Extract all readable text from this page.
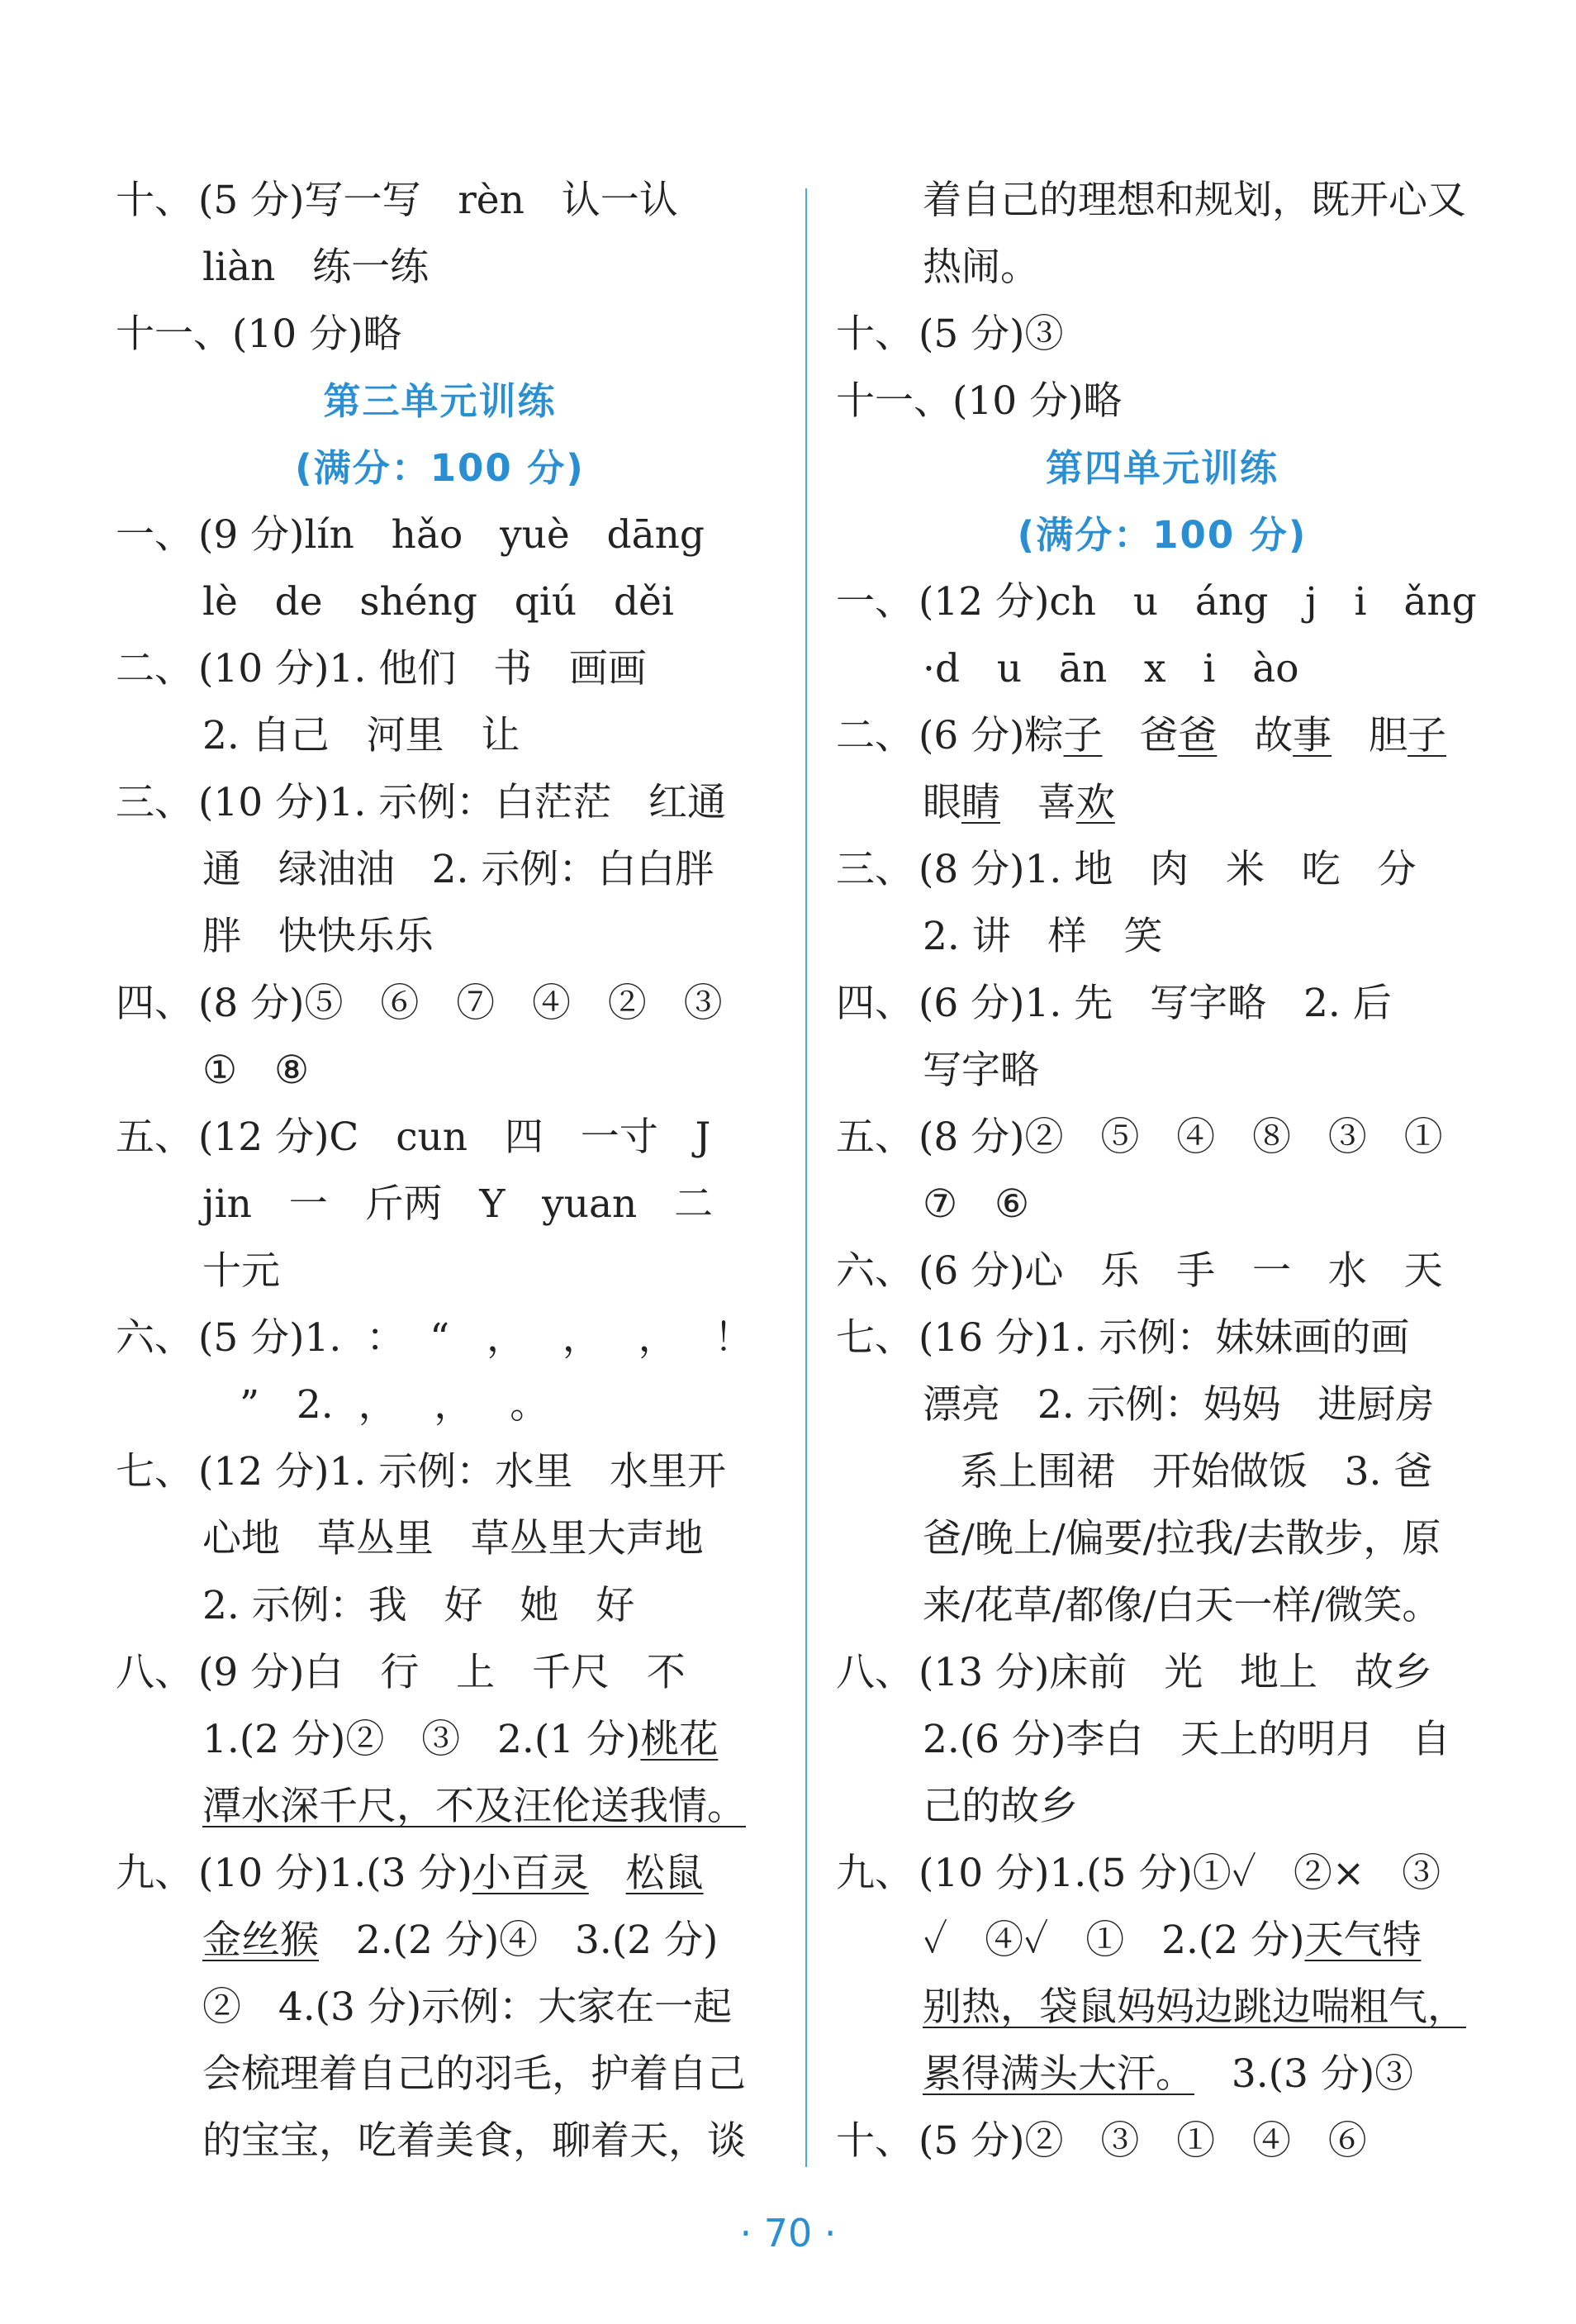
十、 (5 分)写一写   rèn   认一认
liàn   练一练
十一、(10 分)略
第三单元训练
(满分：100 分)
一、 (9 分)lín   hǎo   yuè   dāng
lè   de   shéng   qiú   děi
二、 (10 分)1. 他们   书   画画
2. 自己   河里   让
三、 (10 分)1. 示例：白茫茫   红通
通   绿油油   2. 示例：白白胖
胖   快快乐乐
四、 (8 分)⑤   ⑥   ⑦   ④   ②   ③
①   ⑧
五、 (12 分)C   cun   四   一寸   J
jin   一   斤两   Y   yuan   二
十元
六、 (5 分)1.  ：  “   ，   ，   ，   ！
”   2.  ，   ，   。
七、 (12 分)1. 示例：水里   水里开
心地   草丛里   草丛里大声地
2. 示例：我   好   她   好
八、 (9 分)白   行   上   千尺   不
1.(2 分)②   ③   2.(1 分)桃花
潭水深千尺，不及汪伦送我情。
九、 (10 分)1.(3 分)小百灵 松鼠
金丝猴   2.(2 分)④   3.(2 分)
②   4.(3 分)示例：大家在一起
会梳理着自己的羽毛，护着自己
的宝宝，吃着美食，聊着天，谈
着自己的理想和规划，既开心又
热闹。
十、 (5 分)③
十一、(10 分)略
第四单元训练
(满分：100 分)
一、 (12 分)ch   u   áng   j   i   ǎng
·d   u   ān   x   i   ào
二、 (6 分)粽子   爸爸   故事   胆子
眼睛   喜欢
三、 (8 分)1. 地   肉   米   吃   分
2. 讲   样   笑
四、 (6 分)1. 先   写字略   2. 后
写字略
五、 (8 分)②   ⑤   ④   ⑧   ③   ①
⑦   ⑥
六、 (6 分)心   乐   手   一   水   天
七、 (16 分)1. 示例：妹妹画的画
漂亮   2. 示例：妈妈   进厨房
系上围裙   开始做饭   3. 爸
爸/晚上/偏要/拉我/去散步，原
来/花草/都像/白天一样/微笑。
八、 (13 分)床前   光   地上   故乡
2.(6 分)李白   天上的明月   自
己的故乡
九、 (10 分)1.(5 分)①✓   ②×   ③
✓   ④✓   ①   2.(2 分)天气特
别热，袋鼠妈妈边跳边喘粗气，
累得满头大汗。   3.(3 分)③
十、 (5 分)②   ③   ①   ④   ⑥
· 70 ·
